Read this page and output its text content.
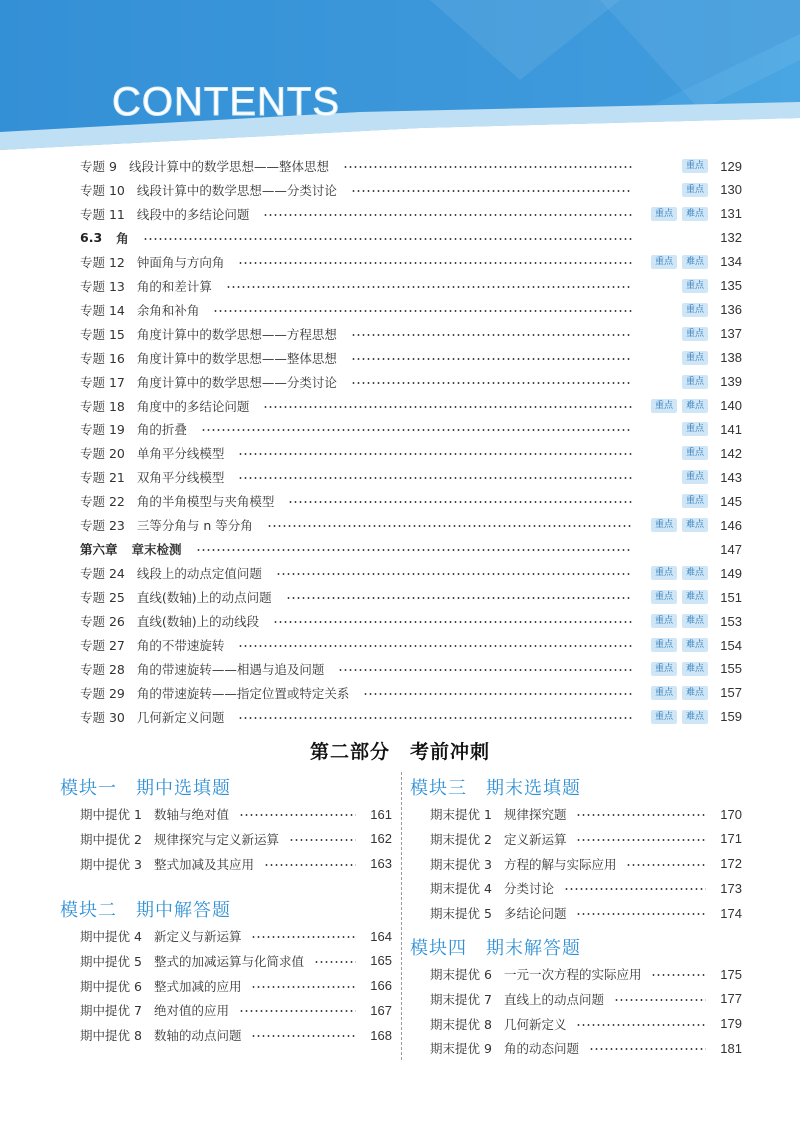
CONTENTS
专题 9 线段计算中的数学思想——整体思想	重点	129
专题 10 线段计算中的数学思想——分类讨论	重点	130
专题 11 线段中的多结论问题	重点	难点	131
6.3 角	132
专题 12 钟面角与方向角	重点	难点	134
专题 13 角的和差计算	重点	135
专题 14 余角和补角	重点	136
专题 15 角度计算中的数学思想——方程思想	重点	137
专题 16 角度计算中的数学思想——整体思想	重点	138
专题 17 角度计算中的数学思想——分类讨论	重点	139
专题 18 角度中的多结论问题	重点	难点	140
专题 19 角的折叠	重点	141
专题 20 单角平分线模型	重点	142
专题 21 双角平分线模型	重点	143
专题 22 角的半角模型与夹角模型	重点	145
专题 23 三等分角与 n 等分角	重点	难点	146
第六章 章末检测	147
专题 24 线段上的动点定值问题	重点	难点	149
专题 25 直线(数轴)上的动点问题	重点	难点	151
专题 26 直线(数轴)上的动线段	重点	难点	153
专题 27 角的不带速旋转	重点	难点	154
专题 28 角的带速旋转——相遇与追及问题	重点	难点	155
专题 29 角的带速旋转——指定位置或特定关系	重点	难点	157
专题 30 几何新定义问题	重点	难点	159
第二部分　考前冲刺
模块一　期中选填题
期中提优 1 数轴与绝对值	161
期中提优 2 规律探究与定义新运算	162
期中提优 3 整式加减及其应用	163
模块二　期中解答题
期中提优 4 新定义与新运算	164
期中提优 5 整式的加减运算与化简求值	165
期中提优 6 整式加减的应用	166
期中提优 7 绝对值的应用	167
期中提优 8 数轴的动点问题	168
模块三　期末选填题
期末提优 1 规律探究题	170
期末提优 2 定义新运算	171
期末提优 3 方程的解与实际应用	172
期末提优 4 分类讨论	173
期末提优 5 多结论问题	174
模块四　期末解答题
期末提优 6 一元一次方程的实际应用	175
期末提优 7 直线上的动点问题	177
期末提优 8 几何新定义	179
期末提优 9 角的动态问题	181
